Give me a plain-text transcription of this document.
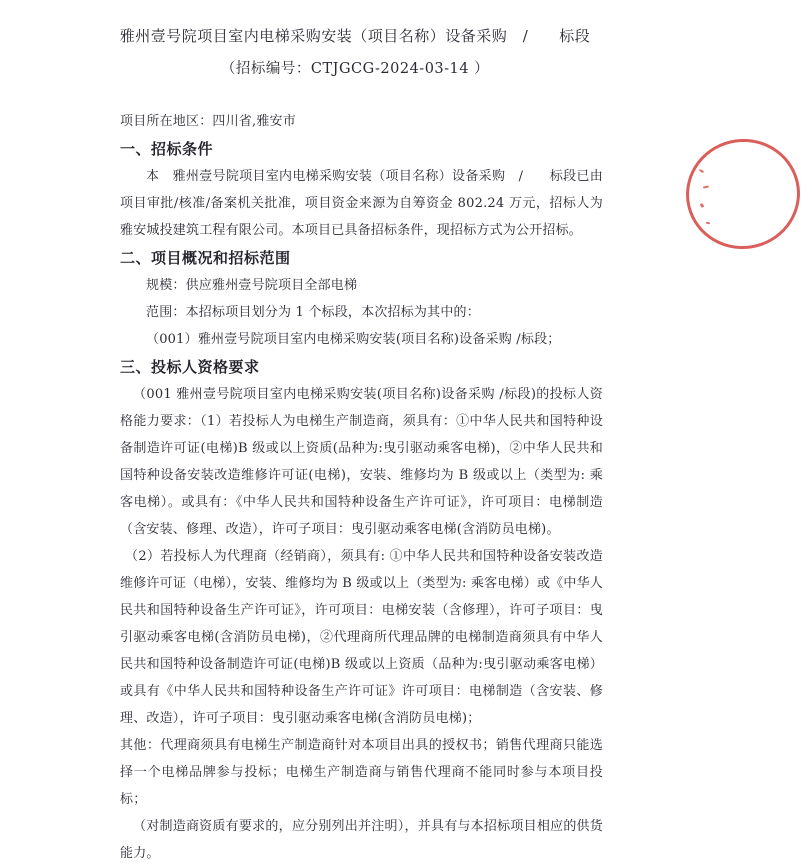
雅州壹号院项目室内电梯采购安装（项目名称）设备采购　/　　标段
（招标编号：CTJGCG-2024-03-14 ）

项目所在地区：四川省,雅安市

一、招标条件

本　雅州壹号院项目室内电梯采购安装（项目名称）设备采购　/　　标段已由项目审批/核准/备案机关批准，项目资金来源为自筹资金 802.24 万元，招标人为雅安城投建筑工程有限公司。本项目已具备招标条件，现招标方式为公开招标。

二、项目概况和招标范围

规模：供应雅州壹号院项目全部电梯

范围：本招标项目划分为 1 个标段，本次招标为其中的：

（001）雅州壹号院项目室内电梯采购安装(项目名称)设备采购 /标段；

三、投标人资格要求

（001 雅州壹号院项目室内电梯采购安装(项目名称)设备采购 /标段)的投标人资格能力要求：（1）若投标人为电梯生产制造商，须具有：①中华人民共和国特种设备制造许可证(电梯)B 级或以上资质(品种为:曳引驱动乘客电梯)，②中华人民共和国特种设备安装改造维修许可证(电梯)，安装、维修均为 B 级或以上（类型为: 乘客电梯）。或具有：《中华人民共和国特种设备生产许可证》，许可项目：电梯制造（含安装、修理、改造），许可子项目：曳引驱动乘客电梯(含消防员电梯)。

（2）若投标人为代理商（经销商），须具有: ①中华人民共和国特种设备安装改造维修许可证（电梯），安装、维修均为 B 级或以上（类型为: 乘客电梯）或《中华人民共和国特种设备生产许可证》，许可项目：电梯安装（含修理），许可子项目：曳引驱动乘客电梯(含消防员电梯)，②代理商所代理品牌的电梯制造商须具有中华人民共和国特种设备制造许可证(电梯)B 级或以上资质（品种为:曳引驱动乘客电梯）或具有《中华人民共和国特种设备生产许可证》许可项目：电梯制造（含安装、修理、改造），许可子项目：曳引驱动乘客电梯(含消防员电梯)；

其他：代理商须具有电梯生产制造商针对本项目出具的授权书；销售代理商只能选择一个电梯品牌参与投标；电梯生产制造商与销售代理商不能同时参与本项目投标；

（对制造商资质有要求的，应分别列出并注明），并具有与本招标项目相应的供货能力。
